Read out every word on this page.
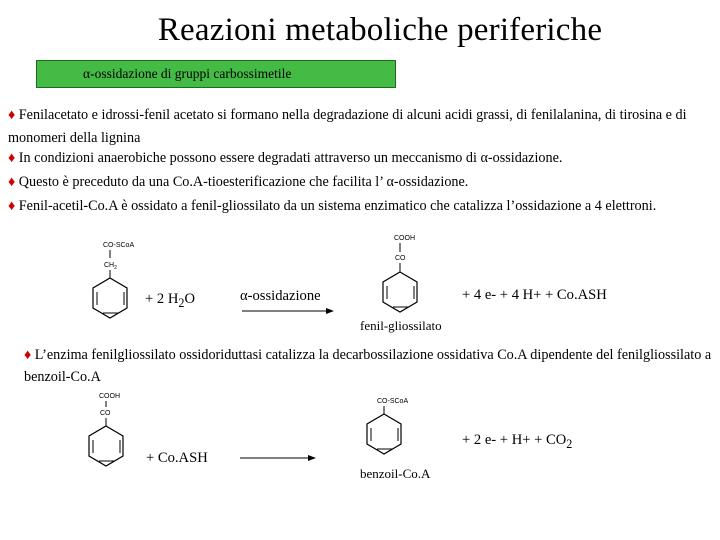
Reazioni metaboliche periferiche
α-ossidazione di gruppi carbossimetile
♦ Fenilacetato e idrossi-fenil acetato si formano nella degradazione di alcuni acidi grassi, di fenilalanina, di tirosina e di monomeri della lignina
♦ In condizioni anaerobiche possono essere degradati attraverso un meccanismo di α-ossidazione.
♦ Questo è preceduto da una Co.A-tioesterificazione che facilita l’ α-ossidazione.
♦ Fenil-acetil-Co.A è ossidato a fenil-gliossilato da un sistema enzimatico che catalizza l’ossidazione a 4 elettroni.
CO-SCoA
$CH_2$
COOH
CO
COOH
CO
CO-SCoA
+ 2 $H_2O$	α-ossidazione	+ 4 e- + 4 H+ + Co.ASH
fenil-gliossilato
♦ L’enzima fenilgliossilato ossidoriduttasi catalizza la decarbossilazione ossidativa Co.A dipendente del fenilgliossilato a benzoil-Co.A
+ Co.ASH
+ 2 $e- + H+ + CO_2$
benzoil-Co.A
